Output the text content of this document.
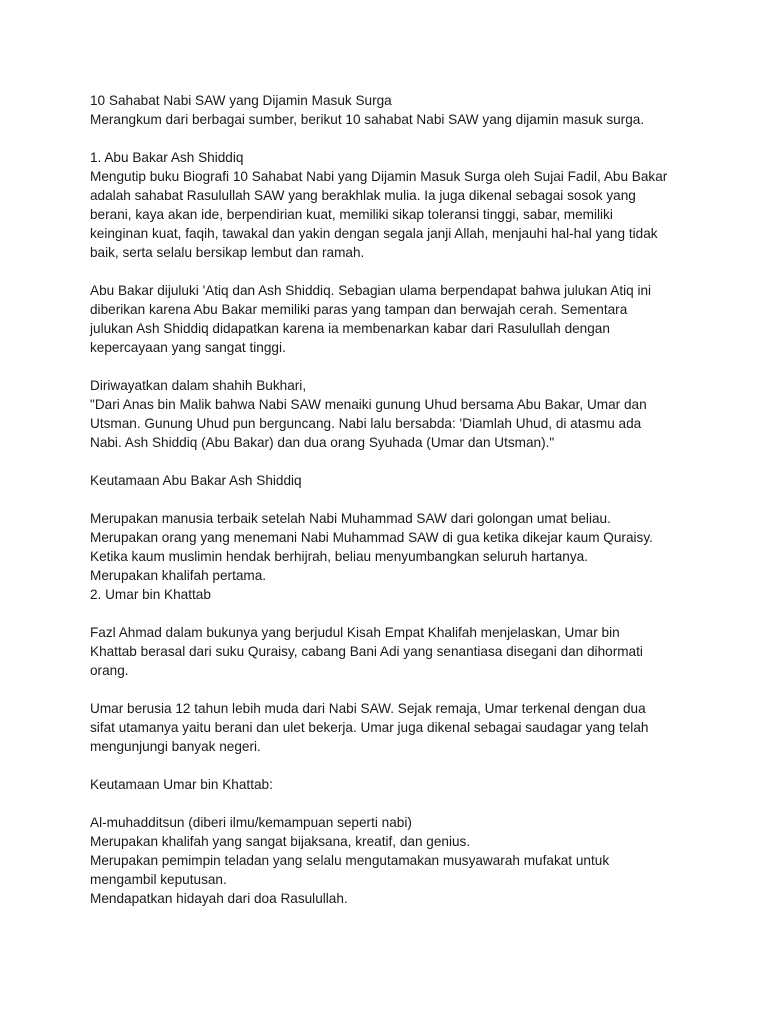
10 Sahabat Nabi SAW yang Dijamin Masuk Surga
Merangkum dari berbagai sumber, berikut 10 sahabat Nabi SAW yang dijamin masuk surga.
1. Abu Bakar Ash Shiddiq
Mengutip buku Biografi 10 Sahabat Nabi yang Dijamin Masuk Surga oleh Sujai Fadil, Abu Bakar
adalah sahabat Rasulullah SAW yang berakhlak mulia. Ia juga dikenal sebagai sosok yang
berani, kaya akan ide, berpendirian kuat, memiliki sikap toleransi tinggi, sabar, memiliki
keinginan kuat, faqih, tawakal dan yakin dengan segala janji Allah, menjauhi hal-hal yang tidak
baik, serta selalu bersikap lembut dan ramah.
Abu Bakar dijuluki 'Atiq dan Ash Shiddiq. Sebagian ulama berpendapat bahwa julukan Atiq ini
diberikan karena Abu Bakar memiliki paras yang tampan dan berwajah cerah. Sementara
julukan Ash Shiddiq didapatkan karena ia membenarkan kabar dari Rasulullah dengan
kepercayaan yang sangat tinggi.
Diriwayatkan dalam shahih Bukhari,
"Dari Anas bin Malik bahwa Nabi SAW menaiki gunung Uhud bersama Abu Bakar, Umar dan
Utsman. Gunung Uhud pun berguncang. Nabi lalu bersabda: 'Diamlah Uhud, di atasmu ada
Nabi. Ash Shiddiq (Abu Bakar) dan dua orang Syuhada (Umar dan Utsman)."
Keutamaan Abu Bakar Ash Shiddiq
Merupakan manusia terbaik setelah Nabi Muhammad SAW dari golongan umat beliau.
Merupakan orang yang menemani Nabi Muhammad SAW di gua ketika dikejar kaum Quraisy.
Ketika kaum muslimin hendak berhijrah, beliau menyumbangkan seluruh hartanya.
Merupakan khalifah pertama.
2. Umar bin Khattab
Fazl Ahmad dalam bukunya yang berjudul Kisah Empat Khalifah menjelaskan, Umar bin
Khattab berasal dari suku Quraisy, cabang Bani Adi yang senantiasa disegani dan dihormati
orang.
Umar berusia 12 tahun lebih muda dari Nabi SAW. Sejak remaja, Umar terkenal dengan dua
sifat utamanya yaitu berani dan ulet bekerja. Umar juga dikenal sebagai saudagar yang telah
mengunjungi banyak negeri.
Keutamaan Umar bin Khattab:
Al-muhadditsun (diberi ilmu/kemampuan seperti nabi)
Merupakan khalifah yang sangat bijaksana, kreatif, dan genius.
Merupakan pemimpin teladan yang selalu mengutamakan musyawarah mufakat untuk
mengambil keputusan.
Mendapatkan hidayah dari doa Rasulullah.
